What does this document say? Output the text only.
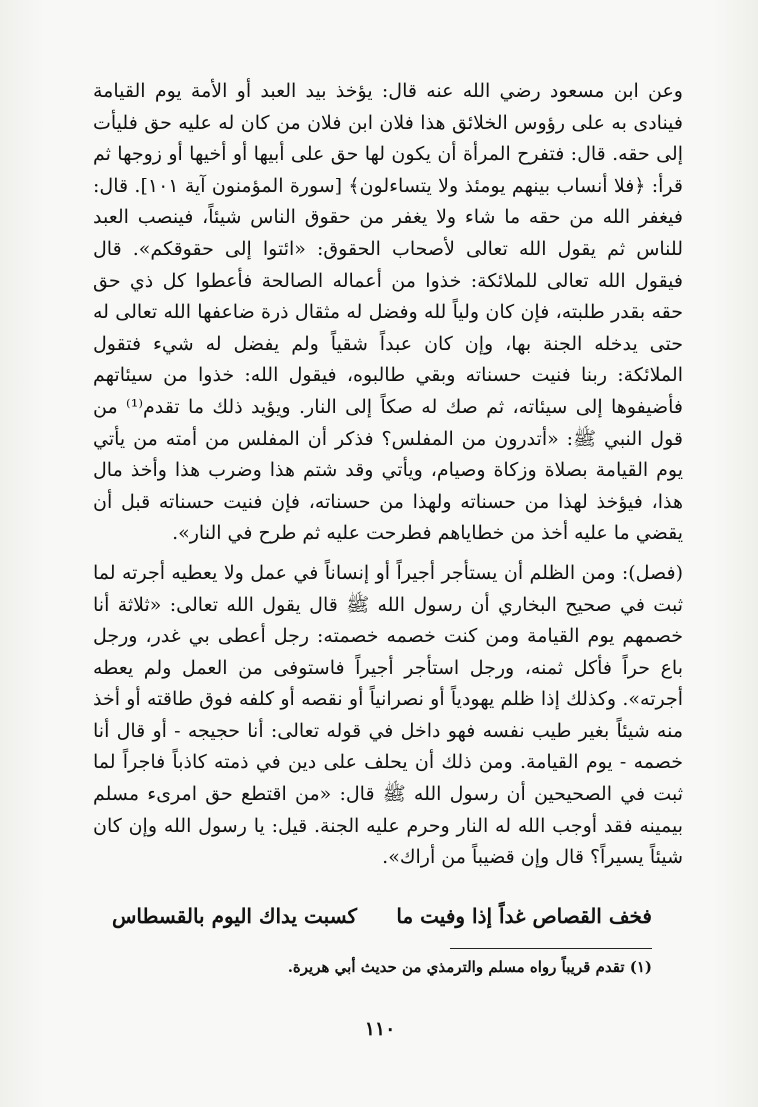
وعن ابن مسعود رضي الله عنه قال: يؤخذ بيد العبد أو الأمة يوم القيامة فينادى به على رؤوس الخلائق هذا فلان ابن فلان من كان له عليه حق فليأت إلى حقه. قال: فتفرح المرأة أن يكون لها حق على أبيها أو أخيها أو زوجها ثم قرأ: ﴿فلا أنساب بينهم يومئذ ولا يتساءلون﴾ [سورة المؤمنون آية ١٠١]. قال: فيغفر الله من حقه ما شاء ولا يغفر من حقوق الناس شيئاً، فينصب العبد للناس ثم يقول الله تعالى لأصحاب الحقوق: «ائتوا إلى حقوقكم». قال فيقول الله تعالى للملائكة: خذوا من أعماله الصالحة فأعطوا كل ذي حق حقه بقدر طلبته، فإن كان ولياً لله وفضل له مثقال ذرة ضاعفها الله تعالى له حتى يدخله الجنة بها، وإن كان عبداً شقياً ولم يفضل له شيء فتقول الملائكة: ربنا فنيت حسناته وبقي طالبوه، فيقول الله: خذوا من سيئاتهم فأضيفوها إلى سيئاته، ثم صك له صكاً إلى النار. ويؤيد ذلك ما تقدم⁽¹⁾ من قول النبي ﷺ: «أتدرون من المفلس؟ فذكر أن المفلس من أمته من يأتي يوم القيامة بصلاة وزكاة وصيام، ويأتي وقد شتم هذا وضرب هذا وأخذ مال هذا، فيؤخذ لهذا من حسناته ولهذا من حسناته، فإن فنيت حسناته قبل أن يقضي ما عليه أخذ من خطاياهم فطرحت عليه ثم طرح في النار».

(فصل): ومن الظلم أن يستأجر أجيراً أو إنساناً في عمل ولا يعطيه أجرته لما ثبت في صحيح البخاري أن رسول الله ﷺ قال يقول الله تعالى: «ثلاثة أنا خصمهم يوم القيامة ومن كنت خصمه خصمته: رجل أعطى بي غدر، ورجل باع حراً فأكل ثمنه، ورجل استأجر أجيراً فاستوفى من العمل ولم يعطه أجرته». وكذلك إذا ظلم يهودياً أو نصرانياً أو نقصه أو كلفه فوق طاقته أو أخذ منه شيئاً بغير طيب نفسه فهو داخل في قوله تعالى: أنا حجيجه - أو قال أنا خصمه - يوم القيامة. ومن ذلك أن يحلف على دين في ذمته كاذباً فاجراً لما ثبت في الصحيحين أن رسول الله ﷺ قال: «من اقتطع حق امرىء مسلم بيمينه فقد أوجب الله له النار وحرم عليه الجنة. قيل: يا رسول الله وإن كان شيئاً يسيراً؟ قال وإن قضيباً من أراك».

فخف القصاص غداً إذا وفيت ما
كسبت يداك اليوم بالقسطاس
(١) تقدم قريباً رواه مسلم والترمذي من حديث أبي هريرة.
١١٠
